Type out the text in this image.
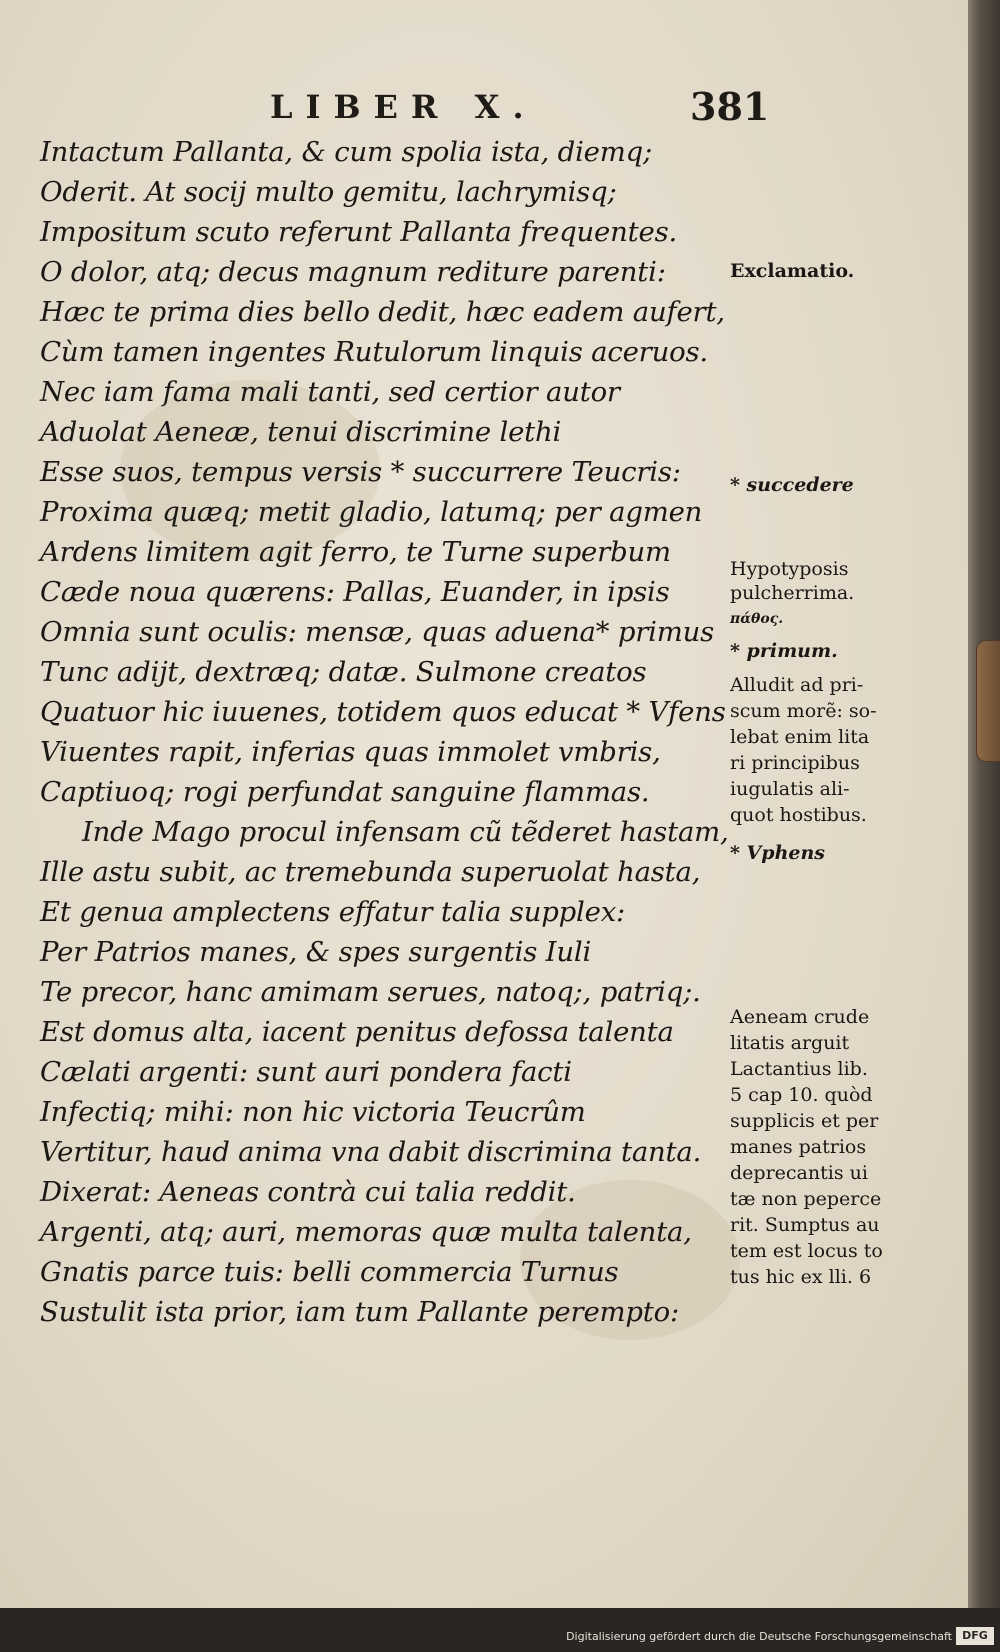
LIBER X.	381
Intactum Pallanta, & cum spolia ista, diemq;
Oderit. At socij multo gemitu, lachrymisq;
Impositum scuto referunt Pallanta frequentes.
O dolor, atq; decus magnum rediture parenti:
Hæc te prima dies bello dedit, hæc eadem aufert,
Cùm tamen ingentes Rutulorum linquis aceruos.
Nec iam fama mali tanti, sed certior autor
Aduolat Aeneæ, tenui discrimine lethi
Esse suos, tempus versis * succurrere Teucris:
Proxima quæq; metit gladio, latumq; per agmen
Ardens limitem agit ferro, te Turne superbum
Cæde noua quærens: Pallas, Euander, in ipsis
Omnia sunt oculis: mensæ, quas aduena* primus
Tunc adijt, dextræq; datæ. Sulmone creatos
Quatuor hic iuuenes, totidem quos educat * Vfens
Viuentes rapit, inferias quas immolet vmbris,
Captiuoq; rogi perfundat sanguine flammas.
Inde Mago procul infensam cũ tẽderet hastam,
Ille astu subit, ac tremebunda superuolat hasta,
Et genua amplectens effatur talia supplex:
Per Patrios manes, & spes surgentis Iuli
Te precor, hanc amimam serues, natoq;, patriq;.
Est domus alta, iacent penitus defossa talenta
Cælati argenti: sunt auri pondera facti
Infectiq; mihi: non hic victoria Teucrûm
Vertitur, haud anima vna dabit discrimina tanta.
Dixerat: Aeneas contrà cui talia reddit.
Argenti, atq; auri, memoras quæ multa talenta,
Gnatis parce tuis: belli commercia Turnus
Sustulit ista prior, iam tum Pallante perempto:
Exclamatio.
* succedere
Hypotyposis
pulcherrima.
πάθος.
* primum.
Alludit ad pri-
scum morẽ: so-
lebat enim lita
ri principibus
iugulatis ali-
quot hostibus.
* Vphens
Aeneam crude
litatis arguit
Lactantius lib.
5 cap 10. quòd
supplicis et per
manes patrios
deprecantis ui
tæ non peperce
rit. Sumptus au
tem est locus to
tus hic ex lli. 6
Digitalisierung gefördert durch die Deutsche Forschungsgemeinschaft DFG
